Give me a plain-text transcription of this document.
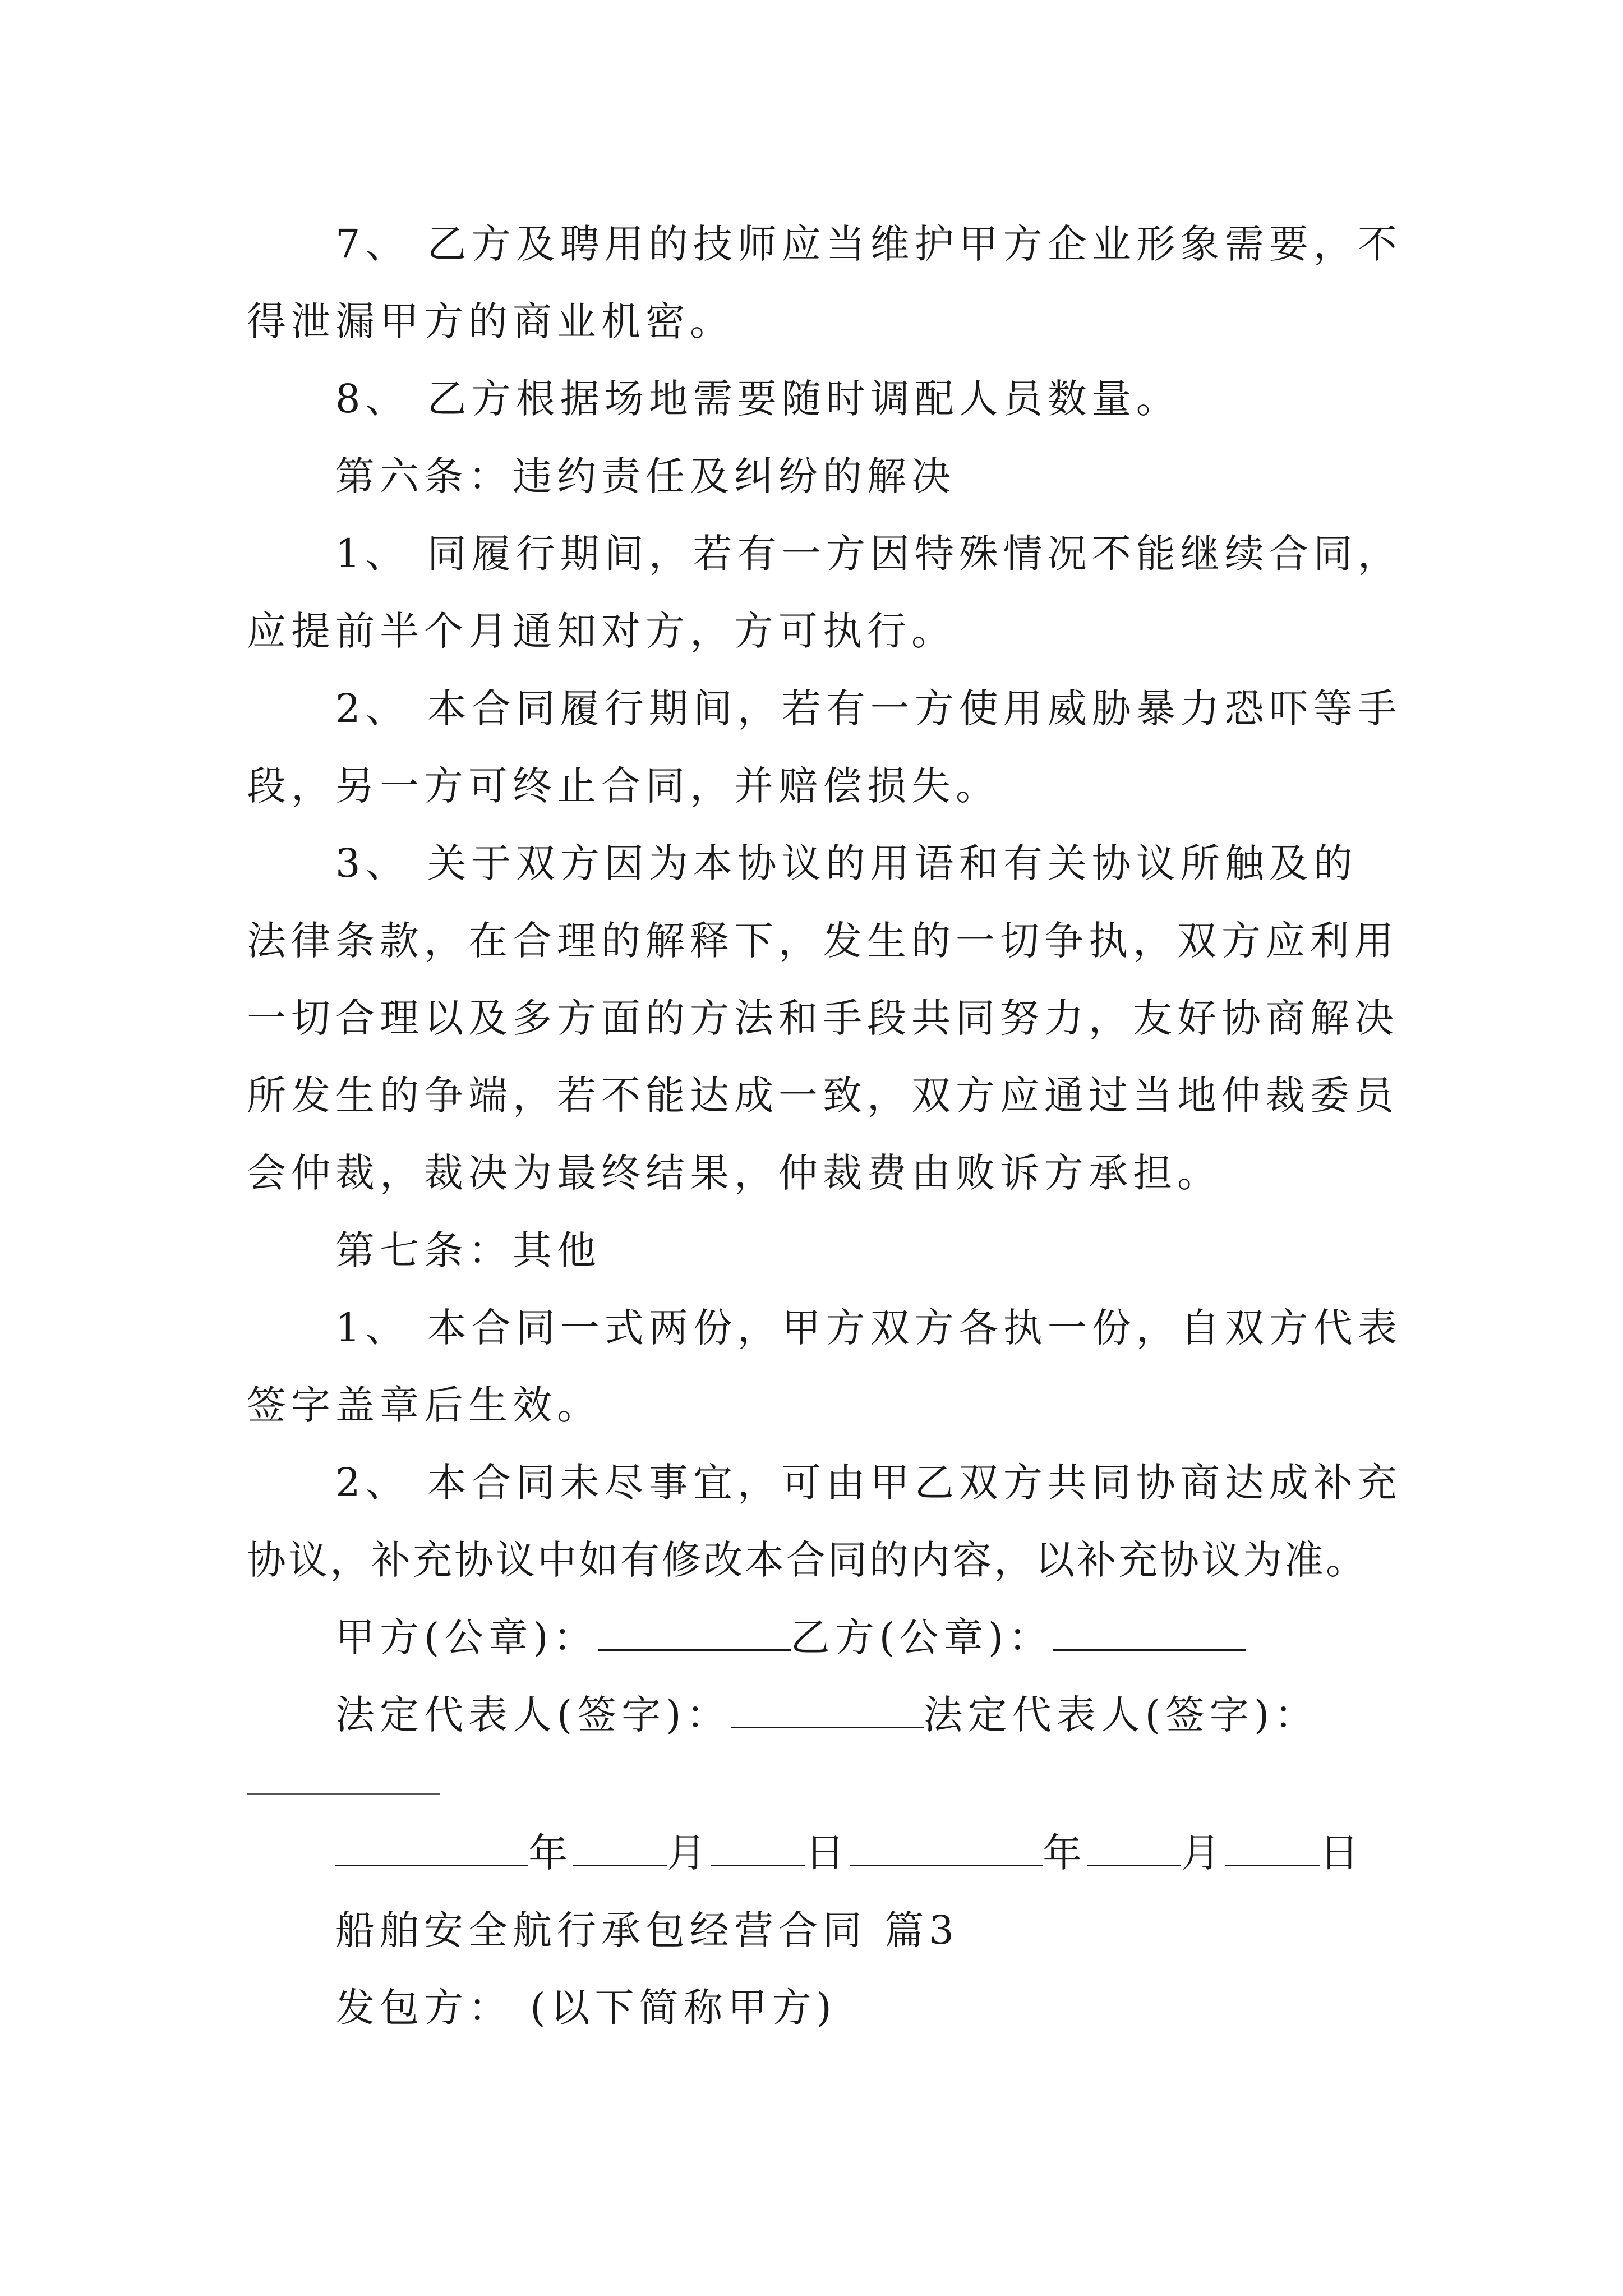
7、 乙方及聘用的技师应当维护甲方企业形象需要，不
得泄漏甲方的商业机密。
8、 乙方根据场地需要随时调配人员数量。
第六条：违约责任及纠纷的解决
1、 同履行期间，若有一方因特殊情况不能继续合同，
应提前半个月通知对方，方可执行。
2、 本合同履行期间，若有一方使用威胁暴力恐吓等手
段，另一方可终止合同，并赔偿损失。
3、 关于双方因为本协议的用语和有关协议所触及的
法律条款，在合理的解释下，发生的一切争执，双方应利用
一切合理以及多方面的方法和手段共同努力，友好协商解决
所发生的争端，若不能达成一致，双方应通过当地仲裁委员
会仲裁，裁决为最终结果，仲裁费由败诉方承担。
第七条：其他
1、 本合同一式两份，甲方双方各执一份，自双方代表
签字盖章后生效。
2、 本合同未尽事宜，可由甲乙双方共同协商达成补充
协议，补充协议中如有修改本合同的内容，以补充协议为准。
甲方(公章)：	乙方(公章)：
法定代表人(签字)：	法定代表人(签字)：
年 月 日	年 月 日
船舶安全航行承包经营合同 篇3
发包方： (以下简称甲方)
